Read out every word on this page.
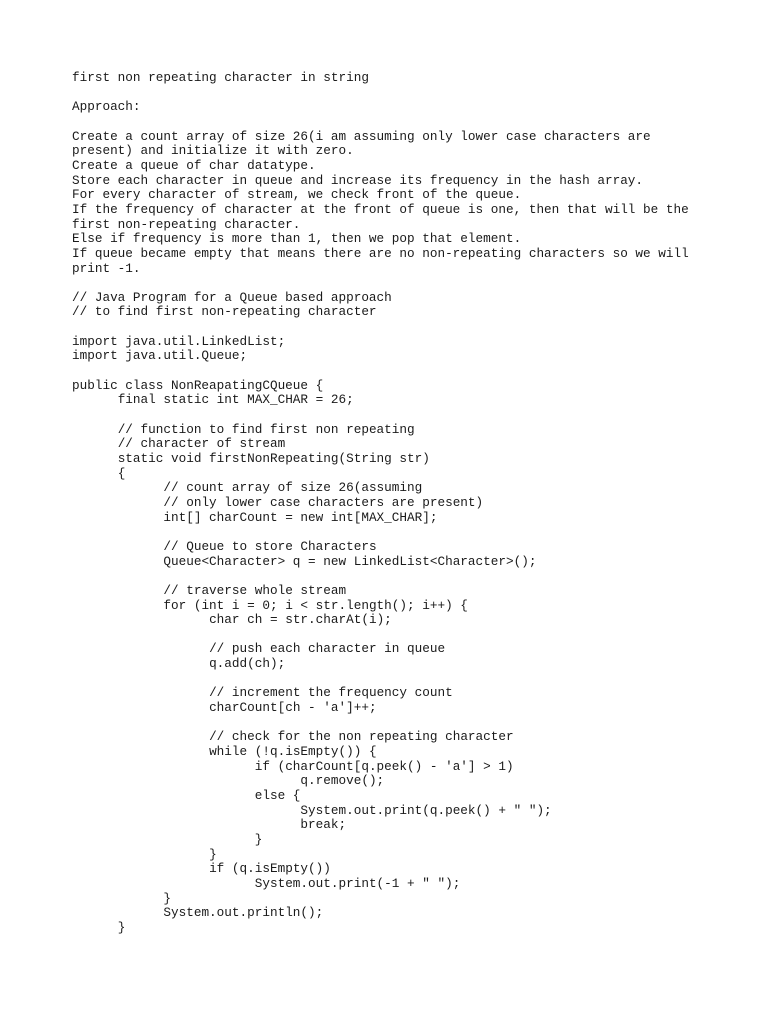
first non repeating character in string
Approach:
Create a count array of size 26(i am assuming only lower case characters are
present) and initialize it with zero.
Create a queue of char datatype.
Store each character in queue and increase its frequency in the hash array.
For every character of stream, we check front of the queue.
If the frequency of character at the front of queue is one, then that will be the
first non-repeating character.
Else if frequency is more than 1, then we pop that element.
If queue became empty that means there are no non-repeating characters so we will
print -1.
// Java Program for a Queue based approach
// to find first non-repeating character
import java.util.LinkedList;
import java.util.Queue;
public class NonReapatingCQueue {
	final static int MAX_CHAR = 26;
	// function to find first non repeating
	// character of stream
	static void firstNonRepeating(String str)
	{
		// count array of size 26(assuming
		// only lower case characters are present)
		int[] charCount = new int[MAX_CHAR];
		// Queue to store Characters
		Queue<Character> q = new LinkedList<Character>();
		// traverse whole stream
		for (int i = 0; i < str.length(); i++) {
			char ch = str.charAt(i);
			// push each character in queue
			q.add(ch);
			// increment the frequency count
			charCount[ch - 'a']++;
			// check for the non repeating character
			while (!q.isEmpty()) {
				if (charCount[q.peek() - 'a'] > 1)
					q.remove();
				else {
					System.out.print(q.peek() + " ");
					break;
				}
			}
			if (q.isEmpty())
				System.out.print(-1 + " ");
		}
		System.out.println();
	}
